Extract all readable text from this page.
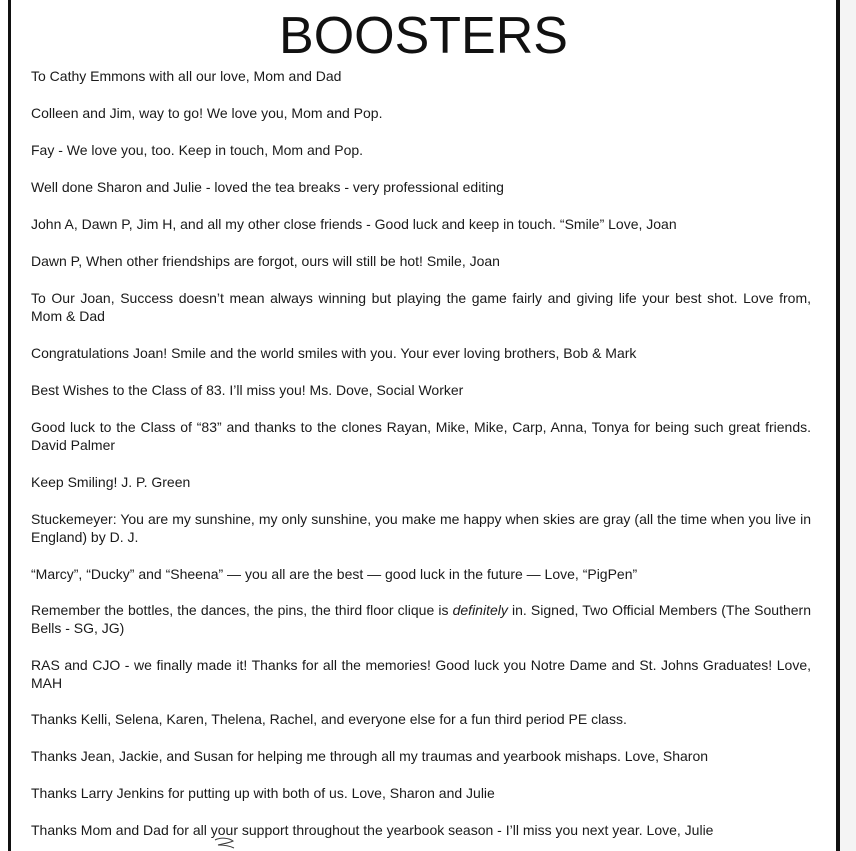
BOOSTERS
To Cathy Emmons with all our love, Mom and Dad
Colleen and Jim, way to go! We love you, Mom and Pop.
Fay - We love you, too. Keep in touch, Mom and Pop.
Well done Sharon and Julie - loved the tea breaks - very professional editing
John A, Dawn P, Jim H, and all my other close friends - Good luck and keep in touch. “Smile” Love, Joan
Dawn P, When other friendships are forgot, ours will still be hot! Smile, Joan
To Our Joan, Success doesn’t mean always winning but playing the game fairly and giving life your best shot. Love from, Mom & Dad
Congratulations Joan! Smile and the world smiles with you. Your ever loving brothers, Bob & Mark
Best Wishes to the Class of 83. I’ll miss you! Ms. Dove, Social Worker
Good luck to the Class of “83” and thanks to the clones Rayan, Mike, Mike, Carp, Anna, Tonya for being such great friends. David Palmer
Keep Smiling! J. P. Green
Stuckemeyer: You are my sunshine, my only sunshine, you make me happy when skies are gray (all the time when you live in England) by D. J.
“Marcy”, “Ducky” and “Sheena” — you all are the best — good luck in the future — Love, “PigPen”
Remember the bottles, the dances, the pins, the third floor clique is definitely in. Signed, Two Official Members (The Southern Bells - SG, JG)
RAS and CJO - we finally made it! Thanks for all the memories! Good luck you Notre Dame and St. Johns Graduates! Love, MAH
Thanks Kelli, Selena, Karen, Thelena, Rachel, and everyone else for a fun third period PE class.
Thanks Jean, Jackie, and Susan for helping me through all my traumas and yearbook mishaps. Love, Sharon
Thanks Larry Jenkins for putting up with both of us. Love, Sharon and Julie
Thanks Mom and Dad for all your support throughout the yearbook season - I’ll miss you next year. Love, Julie
